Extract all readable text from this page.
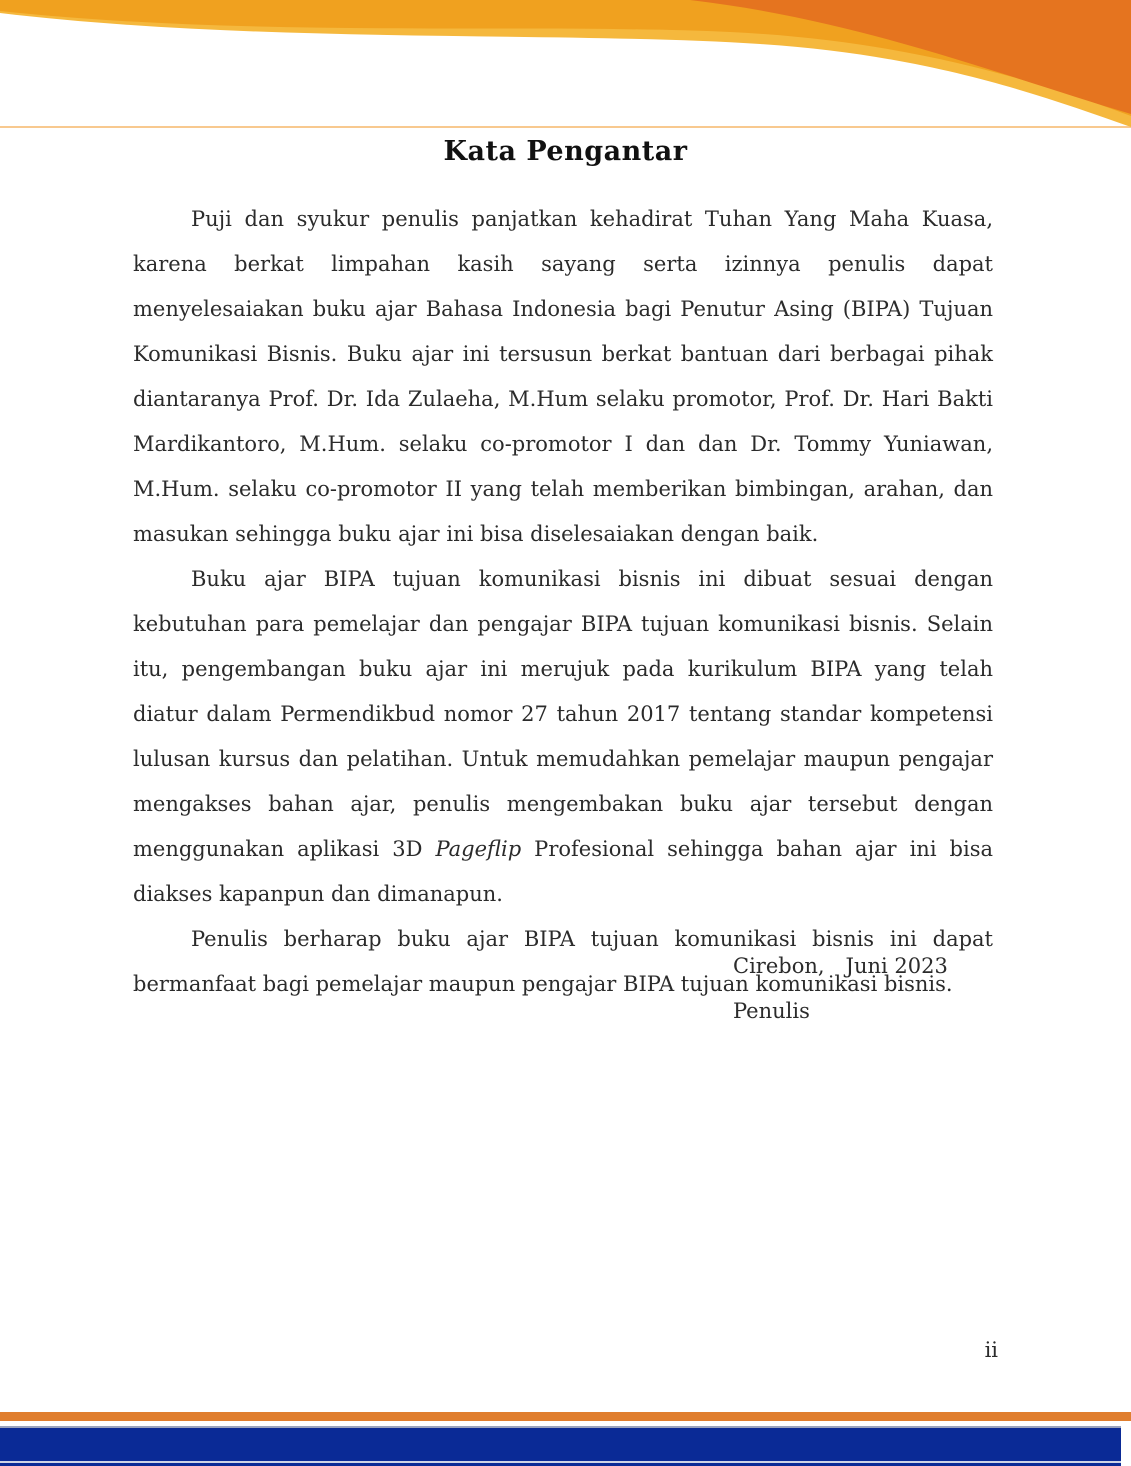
Kata Pengantar

Puji dan syukur penulis panjatkan kehadirat Tuhan Yang Maha Kuasa, karena berkat limpahan kasih sayang serta izinnya penulis dapat menyelesaiakan buku ajar Bahasa Indonesia bagi Penutur Asing (BIPA) Tujuan Komunikasi Bisnis. Buku ajar ini tersusun berkat bantuan dari berbagai pihak diantaranya Prof. Dr. Ida Zulaeha, M.Hum selaku promotor, Prof. Dr. Hari Bakti Mardikantoro, M.Hum. selaku co-promotor I dan dan Dr. Tommy Yuniawan, M.Hum. selaku co-promotor II yang telah memberikan bimbingan, arahan, dan masukan sehingga buku ajar ini bisa diselesaiakan dengan baik.

Buku ajar BIPA tujuan komunikasi bisnis ini dibuat sesuai dengan kebutuhan para pemelajar dan pengajar BIPA tujuan komunikasi bisnis. Selain itu, pengembangan buku ajar ini merujuk pada kurikulum BIPA yang telah diatur dalam Permendikbud nomor 27 tahun 2017 tentang standar kompetensi lulusan kursus dan pelatihan. Untuk memudahkan pemelajar maupun pengajar mengakses bahan ajar, penulis mengembakan buku ajar tersebut dengan menggunakan aplikasi 3D Pageflip Profesional sehingga bahan ajar ini bisa diakses kapanpun dan dimanapun.

Penulis berharap buku ajar BIPA tujuan komunikasi bisnis ini dapat bermanfaat bagi pemelajar maupun pengajar BIPA tujuan komunikasi bisnis.

Cirebon,  Juni 2023
Penulis
ii
